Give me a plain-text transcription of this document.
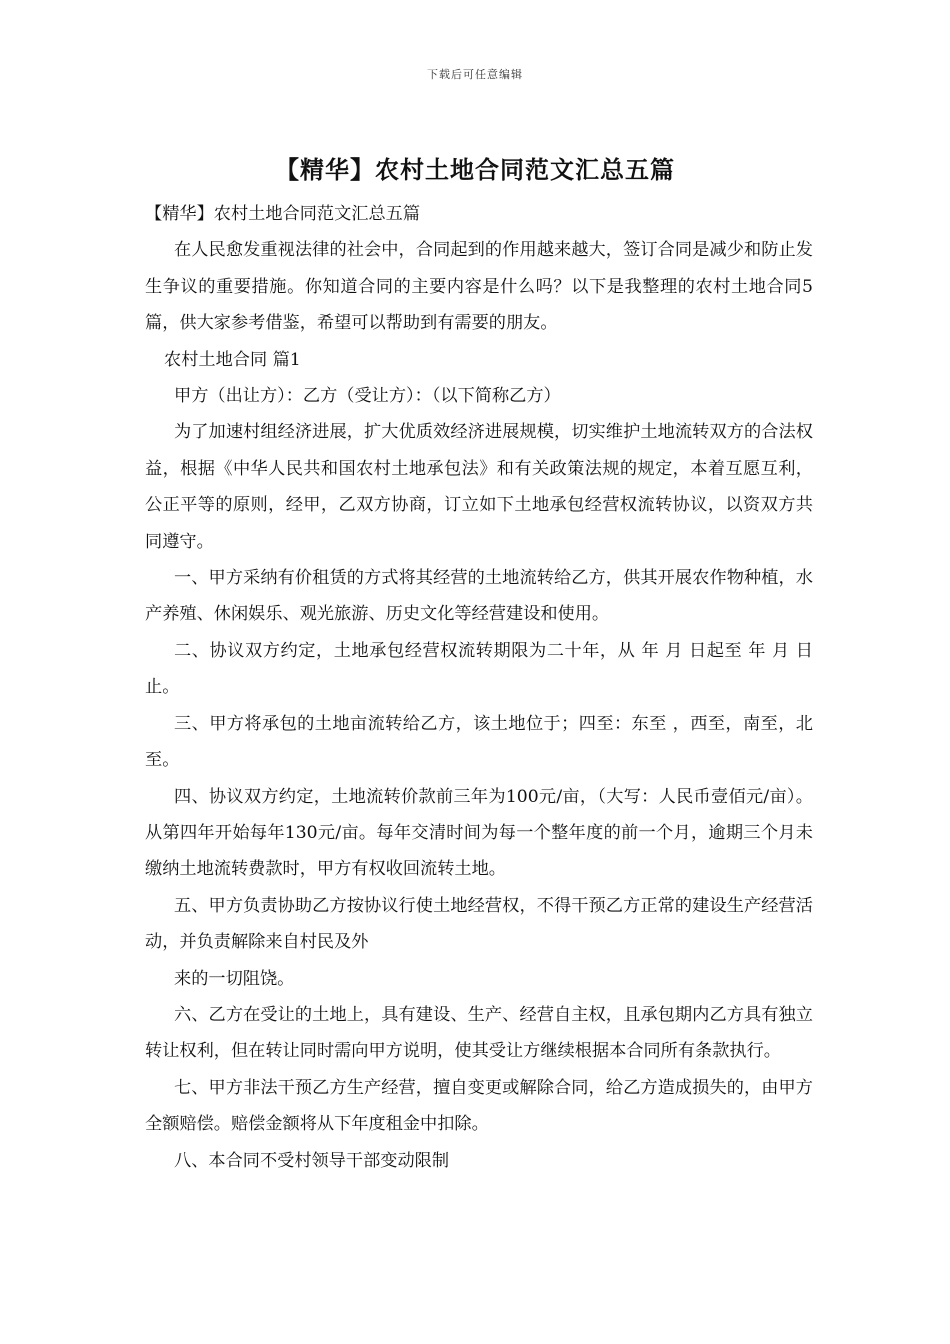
下载后可任意编辑
【精华】农村土地合同范文汇总五篇

【精华】农村土地合同范文汇总五篇

在人民愈发重视法律的社会中，合同起到的作用越来越大，签订合同是减少和防止发生争议的重要措施。你知道合同的主要内容是什么吗？以下是我整理的农村土地合同5篇，供大家参考借鉴，希望可以帮助到有需要的朋友。

农村土地合同 篇1

甲方（出让方）：乙方（受让方）：（以下简称乙方）

为了加速村组经济进展，扩大优质效经济进展规模，切实维护土地流转双方的合法权益，根据《中华人民共和国农村土地承包法》和有关政策法规的规定，本着互愿互利，公正平等的原则，经甲，乙双方协商，订立如下土地承包经营权流转协议，以资双方共同遵守。

一、甲方采纳有价租赁的方式将其经营的土地流转给乙方，供其开展农作物种植，水产养殖、休闲娱乐、观光旅游、历史文化等经营建设和使用。

二、协议双方约定，土地承包经营权流转期限为二十年，从 年 月 日起至 年 月 日止。

三、甲方将承包的土地亩流转给乙方，该土地位于；四至：东至 ，西至，南至，北至。

四、协议双方约定，土地流转价款前三年为100元/亩，（大写：人民币壹佰元/亩）。从第四年开始每年130元/亩。每年交清时间为每一个整年度的前一个月，逾期三个月未缴纳土地流转费款时，甲方有权收回流转土地。

五、甲方负责协助乙方按协议行使土地经营权，不得干预乙方正常的建设生产经营活动，并负责解除来自村民及外

来的一切阻饶。

六、乙方在受让的土地上，具有建设、生产、经营自主权，且承包期内乙方具有独立转让权利，但在转让同时需向甲方说明，使其受让方继续根据本合同所有条款执行。

七、甲方非法干预乙方生产经营，擅自变更或解除合同，给乙方造成损失的，由甲方全额赔偿。赔偿金额将从下年度租金中扣除。

八、本合同不受村领导干部变动限制
